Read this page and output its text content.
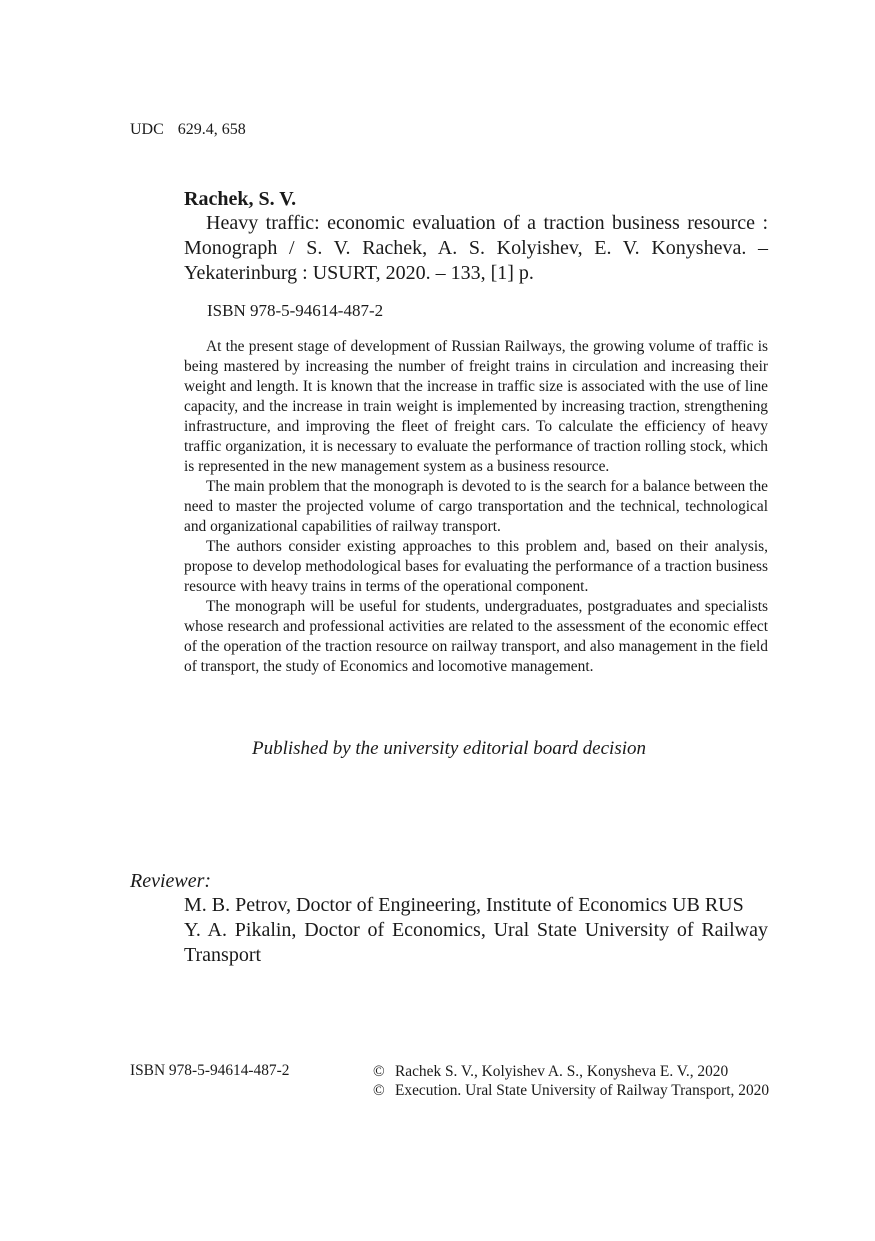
UDC 629.4, 658
Rachek, S. V.
Heavy traffic: economic evaluation of a traction business resource : Monograph / S. V. Rachek, A. S. Kolyishev, E. V. Konysheva. – Yekaterinburg : USURT, 2020. – 133, [1] p.
ISBN 978-5-94614-487-2

At the present stage of development of Russian Railways, the growing volume of traffic is being mastered by increasing the number of freight trains in circulation and increasing their weight and length. It is known that the increase in traffic size is associated with the use of line capacity, and the increase in train weight is implemented by increasing traction, strengthening infrastructure, and improving the fleet of freight cars. To calculate the efficiency of heavy traffic organization, it is necessary to evaluate the performance of traction rolling stock, which is represented in the new management system as a business resource.

The main problem that the monograph is devoted to is the search for a balance between the need to master the projected volume of cargo transportation and the technical, technological and organizational capabilities of railway transport.

The authors consider existing approaches to this problem and, based on their analysis, propose to develop methodological bases for evaluating the performance of a traction business resource with heavy trains in terms of the operational component.

The monograph will be useful for students, undergraduates, postgraduates and specialists whose research and professional activities are related to the assessment of the economic effect of the operation of the traction resource on railway transport, and also management in the field of transport, the study of Economics and locomotive management.

Published by the university editorial board decision
Reviewer:

M. B. Petrov, Doctor of Engineering, Institute of Economics UB RUS

Y. A. Pikalin, Doctor of Economics, Ural State University of Railway Transport

ISBN 978-5-94614-487-2	© Rachek S. V., Kolyishev A. S., Konysheva E. V., 2020
© Execution. Ural State University of Railway Transport, 2020
